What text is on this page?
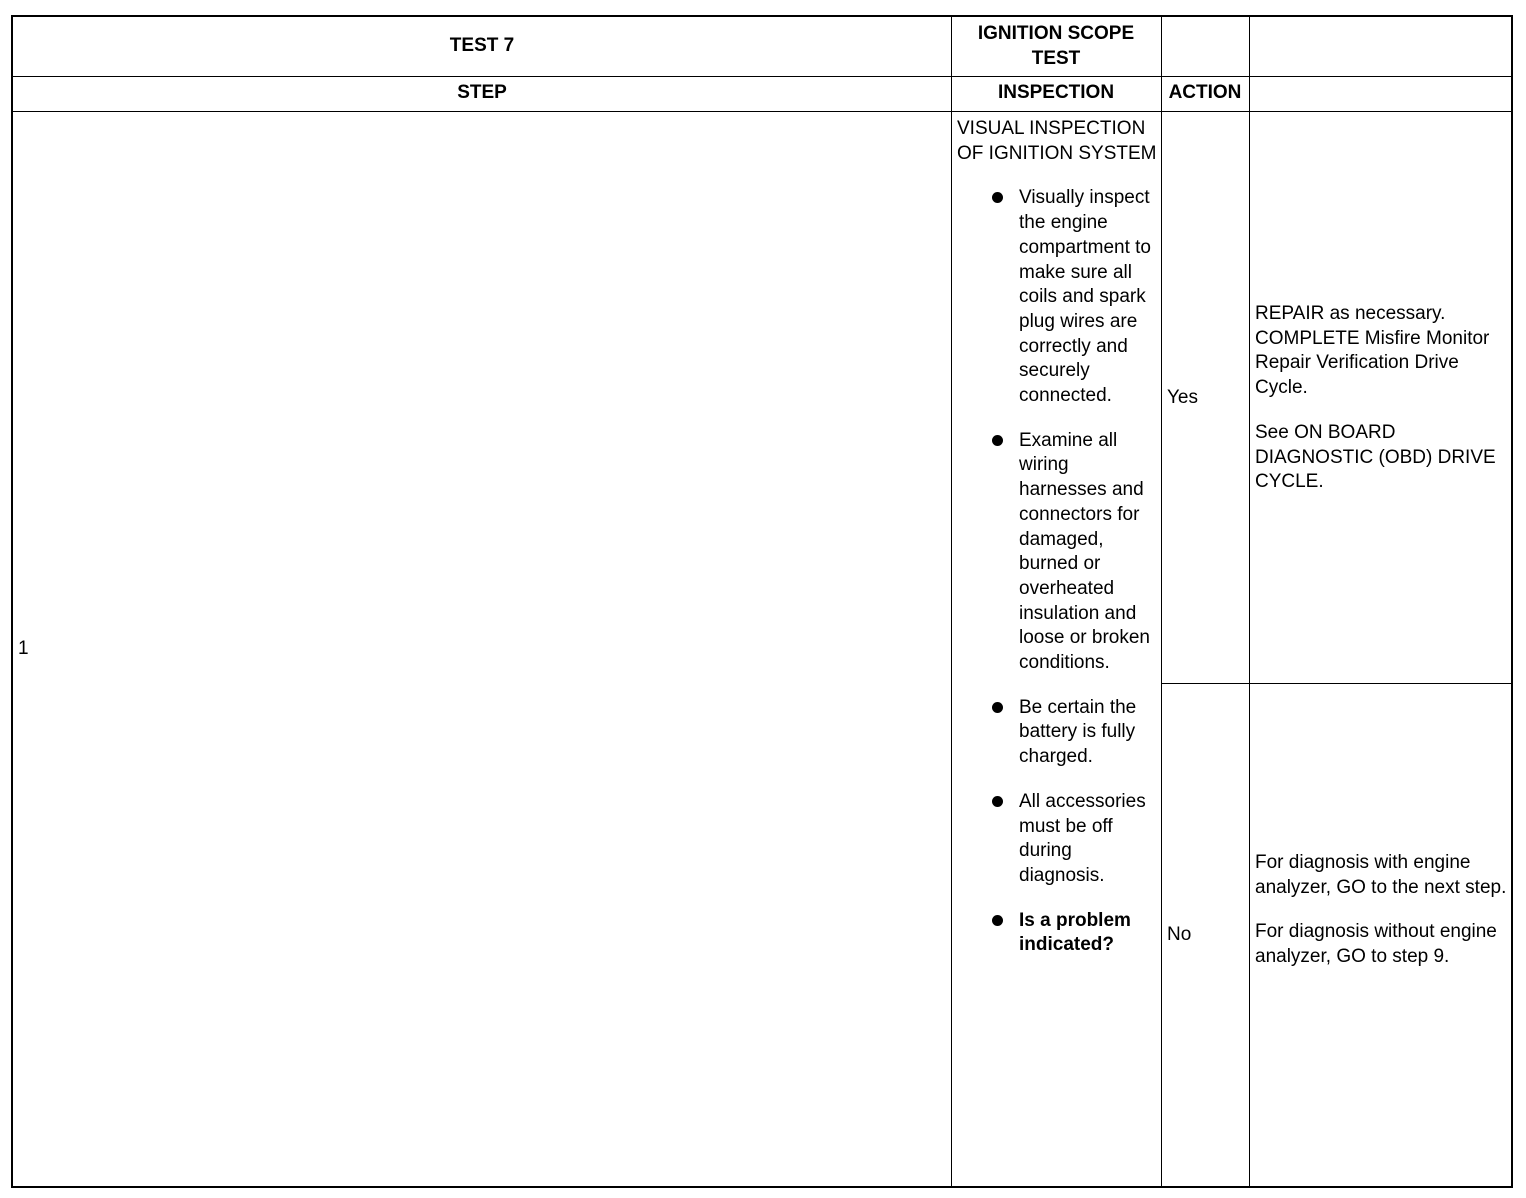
TEST 7
IGNITION SCOPE TEST
STEP	INSPECTION	ACTION
1
VISUAL INSPECTION OF IGNITION SYSTEM
Visually inspect the engine compartment to make sure all coils and spark plug wires are correctly and securely connected.
Examine all wiring harnesses and connectors for damaged, burned or overheated insulation and loose or broken conditions.
Be certain the battery is fully charged.
All accessories must be off during diagnosis.
Is a problem indicated?
Yes
REPAIR as necessary. COMPLETE Misfire Monitor Repair Verification Drive Cycle.
See ON BOARD DIAGNOSTIC (OBD) DRIVE CYCLE.
No
For diagnosis with engine analyzer, GO to the next step.
For diagnosis without engine analyzer, GO to step 9.
